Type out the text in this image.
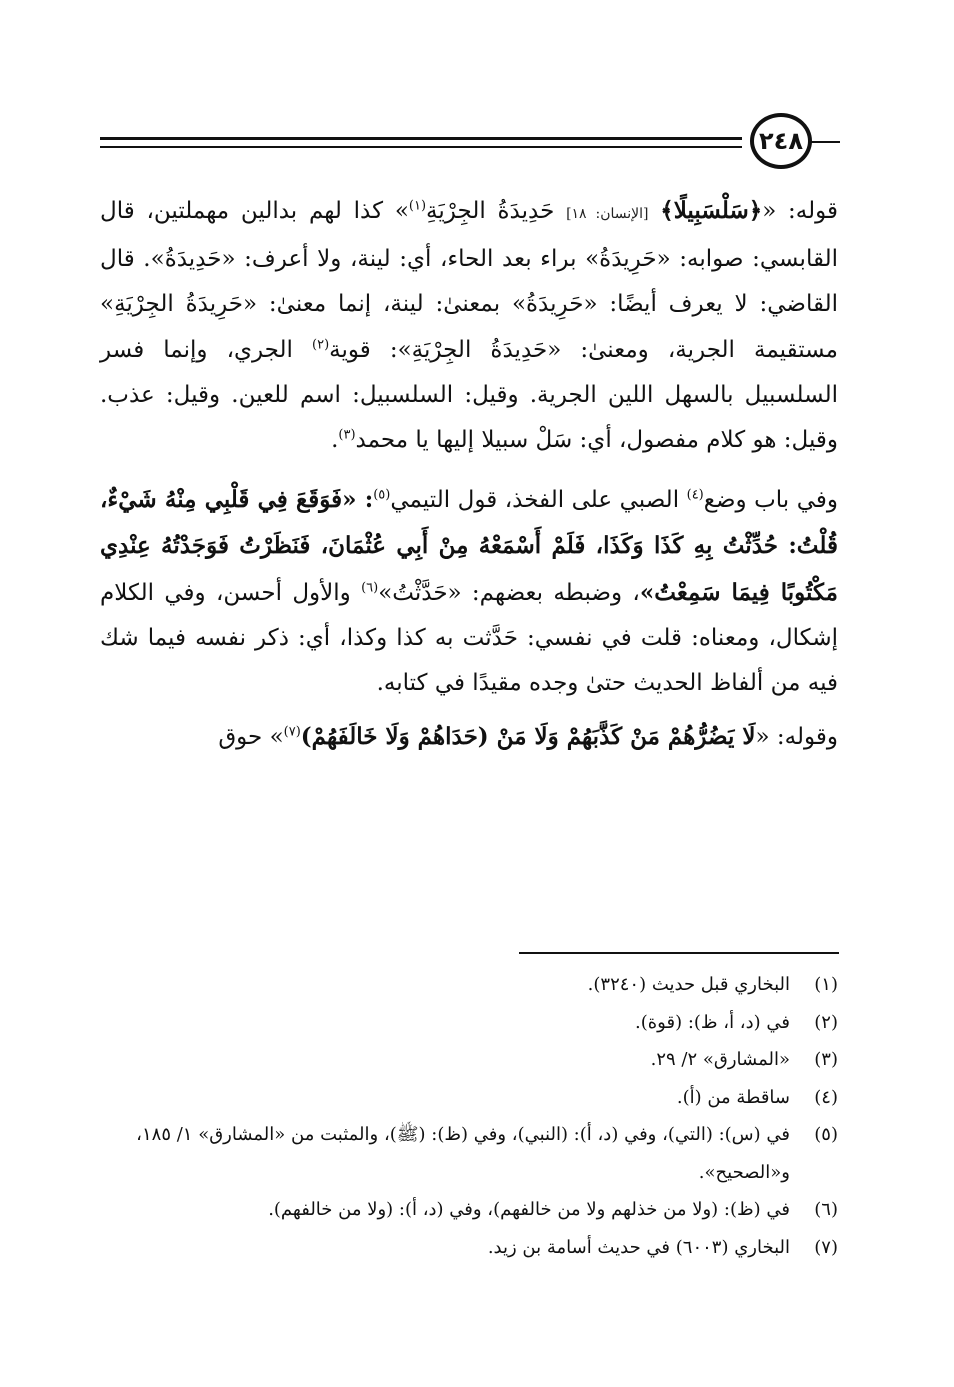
٢٤٨

قوله: «﴿سَلْسَبِيلًا﴾ [الإنسان: ١٨] حَدِيدَةُ الجِرْيَةِ$^{(١)}$» كذا لهم بدالين مهملتين، قال القابسي: صوابه: «حَرِيدَةُ» براء بعد الحاء، أي: لينة، ولا أعرف: «حَدِيدَةُ». قال القاضي: لا يعرف أيضًا: «حَرِيدَةُ» بمعنىٰ: لينة، إنما معنىٰ: «حَرِيدَةُ الجِرْيَةِ» مستقيمة الجرية، ومعنىٰ: «حَدِيدَةُ الجِرْيَةِ»: قوية$^{(٢)}$ الجري، وإنما فسر السلسبيل بالسهل اللين الجرية. وقيل: السلسبيل: اسم للعين. وقيل: عذب. وقيل: هو كلام مفصول، أي: سَلْ سبيلا إليها يا محمد$^{(٣)}$.

وفي باب وضع$^{(٤)}$ الصبي على الفخذ، قول التيمي$^{(٥)}$: «فَوَقَعَ فِي قَلْبِي مِنْهُ شَيْءٌ، قُلْتُ: حُدِّثْتُ بِهِ كَذَا وَكَذَا، فَلَمْ أَسْمَعْهُ مِنْ أَبِي عُثْمَانَ، فَنَظَرْتُ فَوَجَدْتُهُ عِنْدِي مَكْتُوبًا فِيمَا سَمِعْتُ»، وضبطه بعضهم: «حَدَّثْتُ»$^{(٦)}$ والأول أحسن، وفي الكلام إشكال، ومعناه: قلت في نفسي: حَدَّثت به كذا وكذا، أي: ذكر نفسه فيما شك فيه من ألفاظ الحديث حتىٰ وجده مقيدًا في كتابه.

وقوله: «لَا يَضُرُّهُمْ مَنْ كَذَّبَهُمْ وَلَا مَنْ (حَدَاهُمْ وَلَا خَالَفَهُمْ)$^{(٧)}$» حوق

(١)
البخاري قبل حديث (٣٢٤٠).
(٢)
في (د، أ، ظ): (قوة).
(٣)
«المشارق» ٢/ ٢٩.
(٤)
ساقطة من (أ).
(٥)
في (س): (التي)، وفي (د، أ): (النبي)، وفي (ظ): (ﷺ)، والمثبت من «المشارق» ١/ ١٨٥، و«الصحيح».
(٦)
في (ظ): (ولا من خذلهم ولا من خالفهم)، وفي (د، أ): (ولا من خالفهم).
(٧)
البخاري (٦٠٠٣) في حديث أسامة بن زيد.
